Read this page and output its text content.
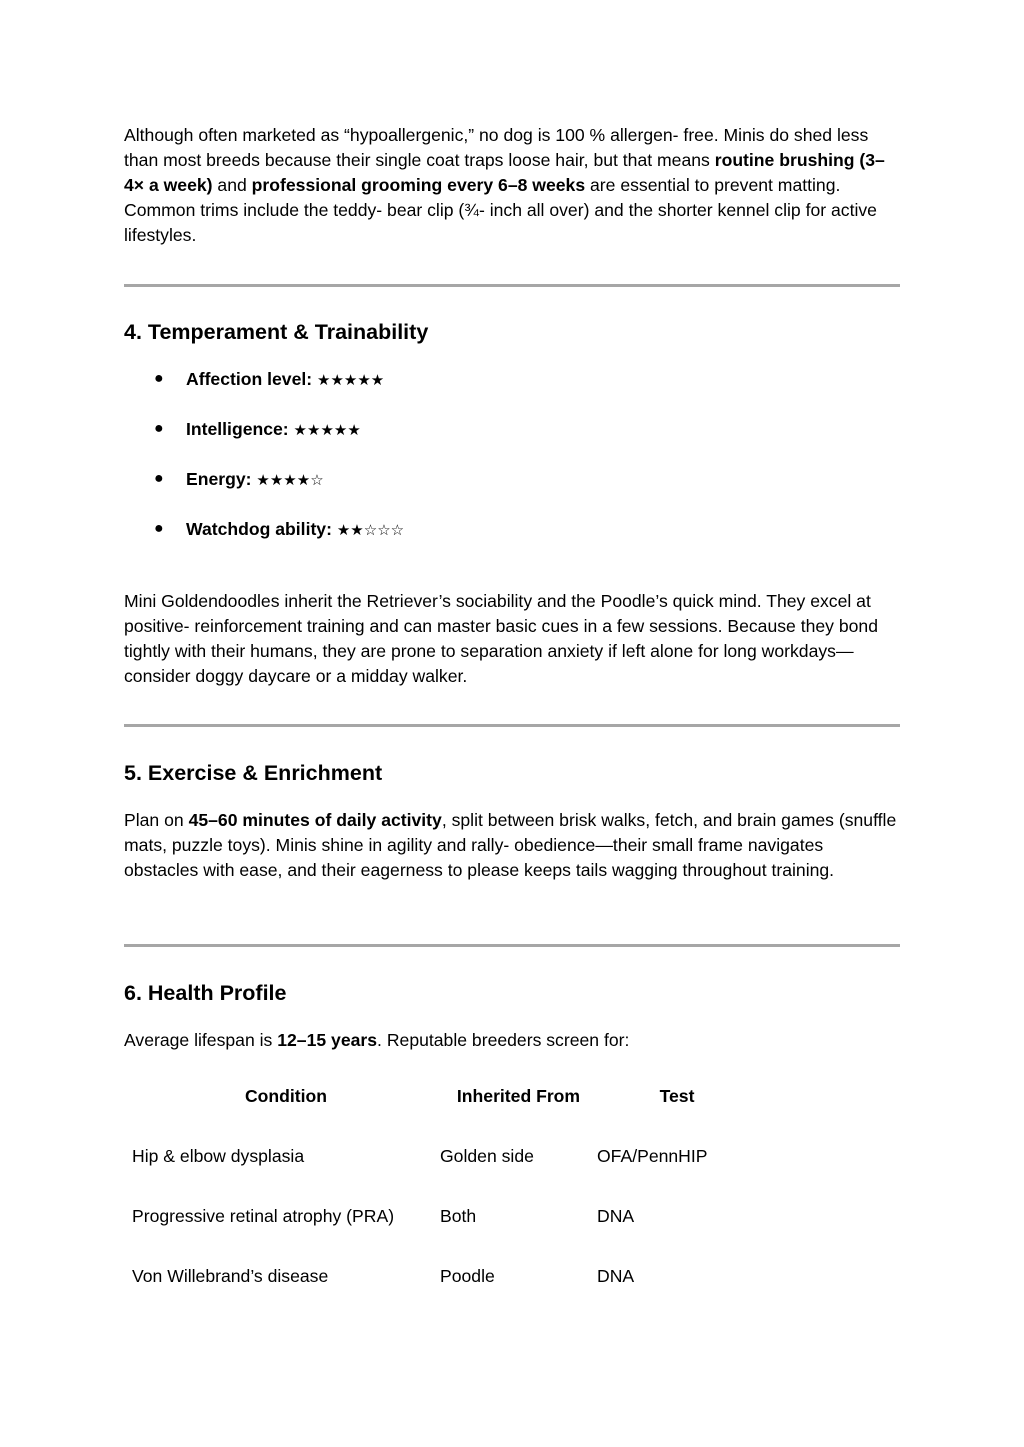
Although often marketed as “hypoallergenic,” no dog is 100 % allergen- free. Minis do shed less than most breeds because their single coat traps loose hair, but that means routine brushing (3–4× a week) and professional grooming every 6–8 weeks are essential to prevent matting. Common trims include the teddy- bear clip (¾- inch all over) and the shorter kennel clip for active lifestyles.

4. Temperament & Trainability
● Affection level: ★★★★★
● Intelligence: ★★★★★
● Energy: ★★★★☆
● Watchdog ability: ★★☆☆☆

Mini Goldendoodles inherit the Retriever’s sociability and the Poodle’s quick mind. They excel at positive- reinforcement training and can master basic cues in a few sessions. Because they bond tightly with their humans, they are prone to separation anxiety if left alone for long workdays—consider doggy daycare or a midday walker.

5. Exercise & Enrichment

Plan on 45–60 minutes of daily activity, split between brisk walks, fetch, and brain games (snuffle mats, puzzle toys). Minis shine in agility and rally- obedience—their small frame navigates obstacles with ease, and their eagerness to please keeps tails wagging throughout training.

6. Health Profile

Average lifespan is 12–15 years. Reputable breeders screen for:

Condition	Inherited From	Test
Hip & elbow dysplasia	Golden side	OFA/PennHIP
Progressive retinal atrophy (PRA)	Both	DNA
Von Willebrand’s disease	Poodle	DNA
